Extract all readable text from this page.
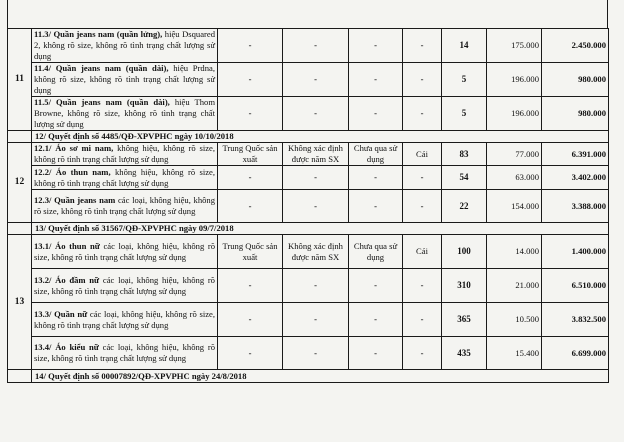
11	11.3/ Quần jeans nam (quần lửng), hiệu Dsquared 2, không rõ size, không rõ tình trạng chất lượng sử dụng	-	-	-	-	14	175.000	2.450.000
	11.4/ Quần jeans nam (quần dài), hiệu Prdna, không rõ size, không rõ tình trạng chất lượng sử dụng	-	-	-	-	5	196.000	980.000
	11.5/ Quần jeans nam (quần dài), hiệu Thom Browne, không rõ size, không rõ tình trạng chất lượng sử dụng	-	-	-	-	5	196.000	980.000
	12/ Quyết định số 4485/QĐ-XPVPHC ngày 10/10/2018							
12	12.1/ Áo sơ mi nam, không hiệu, không rõ size, không rõ tình trạng chất lượng sử dụng	Trung Quốc sản xuất	Không xác định được năm SX	Chưa qua sử dụng	Cái	83	77.000	6.391.000
	12.2/ Áo thun nam, không hiệu, không rõ size, không rõ tình trạng chất lượng sử dụng	-	-	-	-	54	63.000	3.402.000
	12.3/ Quần jeans nam các loại, không hiệu, không rõ size, không rõ tình trạng chất lượng sử dụng	-	-	-	-	22	154.000	3.388.000
	13/ Quyết định số 31567/QĐ-XPVPHC ngày 09/7/2018							
13	13.1/ Áo thun nữ các loại, không hiệu, không rõ size, không rõ tình trạng chất lượng sử dụng	Trung Quốc sản xuất	Không xác định được năm SX	Chưa qua sử dụng	Cái	100	14.000	1.400.000
	13.2/ Áo đầm nữ các loại, không hiệu, không rõ size, không rõ tình trạng chất lượng sử dụng	-	-	-	-	310	21.000	6.510.000
	13.3/ Quần nữ các loại, không hiệu, không rõ size, không rõ tình trạng chất lượng sử dụng	-	-	-	-	365	10.500	3.832.500
	13.4/ Áo kiểu nữ các loại, không hiệu, không rõ size, không rõ tình trạng chất lượng sử dụng	-	-	-	-	435	15.400	6.699.000
	14/ Quyết định số 00007892/QĐ-XPVPHC ngày 24/8/2018							
